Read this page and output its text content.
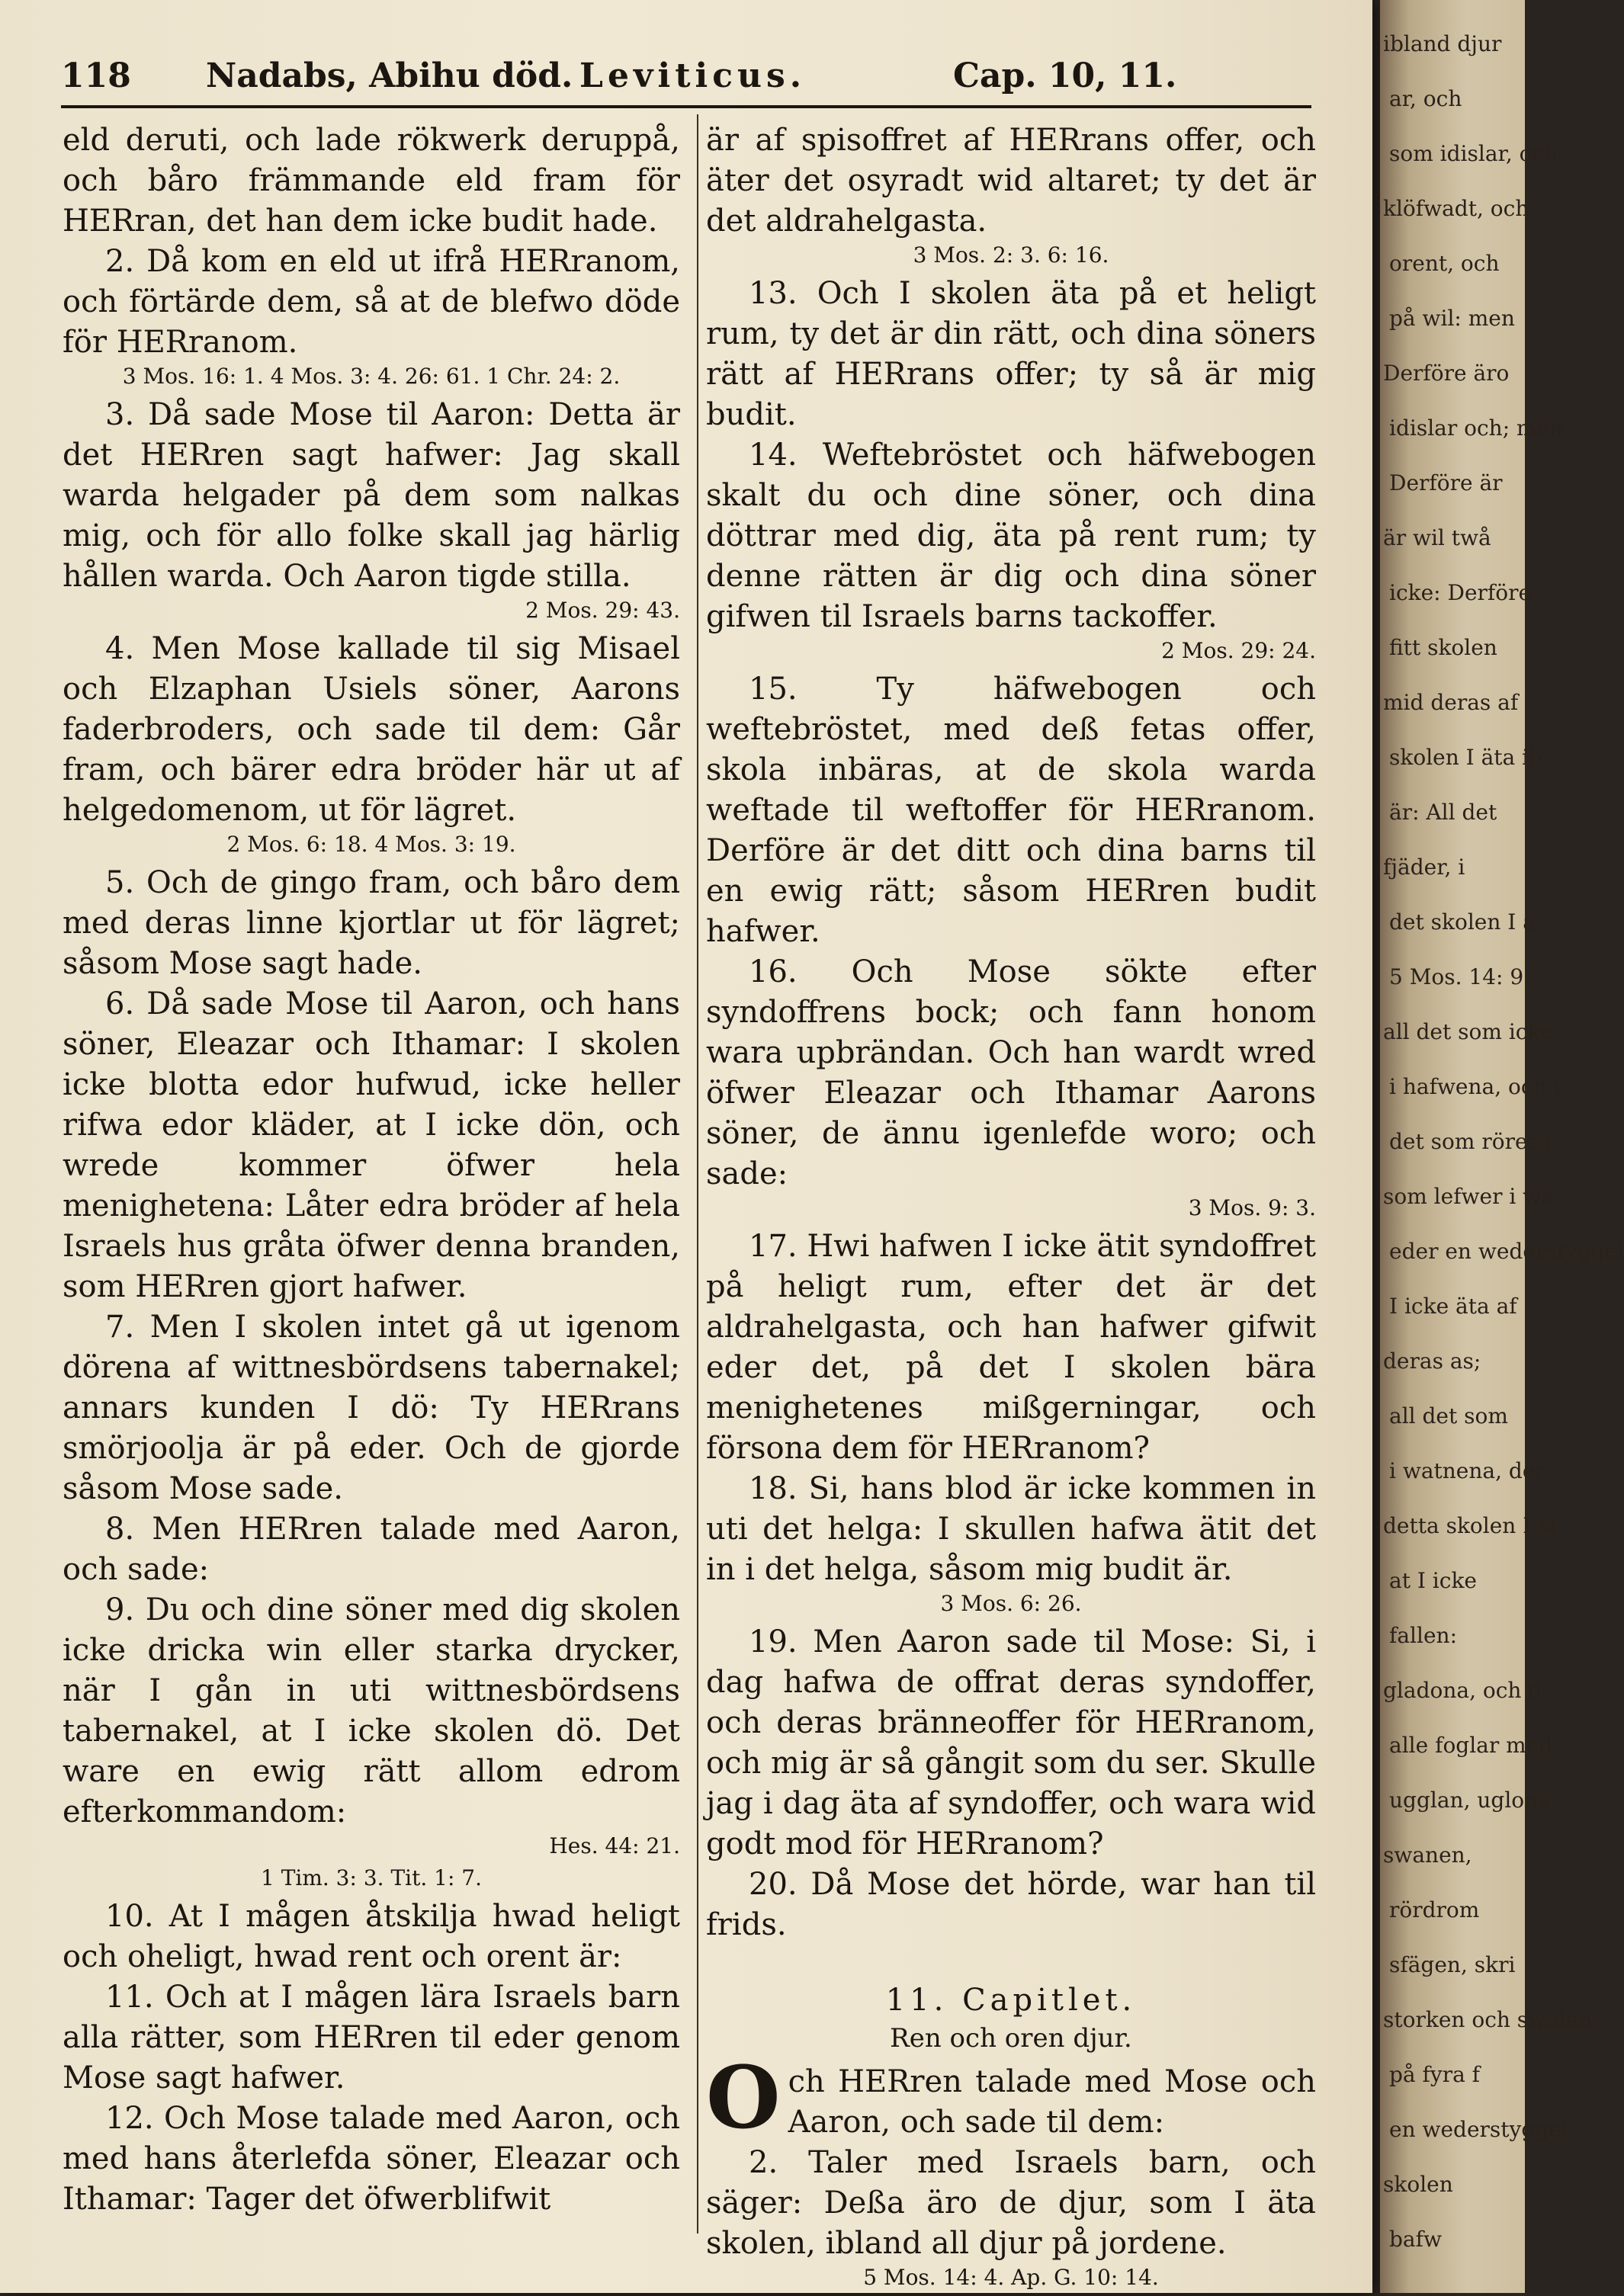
118 Nadabs, Abihu död. Leviticus.	Cap. 10, 11.

eld deruti, och lade rökwerk deruppå, och båro främmande eld fram för HERran, det han dem icke budit hade.

2. Då kom en eld ut ifrå HERranom, och förtärde dem, så at de blefwo döde för HERranom.

3 Mos. 16: 1. 4 Mos. 3: 4. 26: 61. 1 Chr. 24: 2.

3. Då sade Mose til Aaron: Detta är det HERren sagt hafwer: Jag skall warda helgader på dem som nalkas mig, och för allo folke skall jag härlig hållen warda. Och Aaron tigde stilla.

2 Mos. 29: 43.

4. Men Mose kallade til sig Misael och Elzaphan Usiels söner, Aarons faderbroders, och sade til dem: Går fram, och bärer edra bröder här ut af helgedomenom, ut för lägret.

2 Mos. 6: 18. 4 Mos. 3: 19.

5. Och de gingo fram, och båro dem med deras linne kjortlar ut för lägret; såsom Mose sagt hade.

6. Då sade Mose til Aaron, och hans söner, Eleazar och Ithamar: I skolen icke blotta edor hufwud, icke heller rifwa edor kläder, at I icke dön, och wrede kommer öfwer hela menighetena: Låter edra bröder af hela Israels hus gråta öfwer denna branden, som HERren gjort hafwer.

7. Men I skolen intet gå ut igenom dörena af wittnesbördsens tabernakel; annars kunden I dö: Ty HERrans smörjoolja är på eder. Och de gjorde såsom Mose sade.

8. Men HERren talade med Aaron, och sade:

9. Du och dine söner med dig skolen icke dricka win eller starka drycker, när I gån in uti wittnesbördsens tabernakel, at I icke skolen dö. Det ware en ewig rätt allom edrom efterkommandom:

Hes. 44: 21.

1 Tim. 3: 3. Tit. 1: 7.

10. At I mågen åtskilja hwad heligt och oheligt, hwad rent och orent är:

11. Och at I mågen lära Israels barn alla rätter, som HERren til eder genom Mose sagt hafwer.

12. Och Mose talade med Aaron, och med hans återlefda söner, Eleazar och Ithamar: Tager det öfwerblifwit

är af spisoffret af HERrans offer, och äter det osyradt wid altaret; ty det är det aldrahelgasta.

3 Mos. 2: 3. 6: 16.

13. Och I skolen äta på et heligt rum, ty det är din rätt, och dina söners rätt af HERrans offer; ty så är mig budit.

14. Weftebröstet och häfwebogen skalt du och dine söner, och dina döttrar med dig, äta på rent rum; ty denne rätten är dig och dina söner gifwen til Israels barns tackoffer.

2 Mos. 29: 24.

15. Ty häfwebogen och weftebröstet, med deß fetas offer, skola inbäras, at de skola warda weftade til weftoffer för HERranom. Derföre är det ditt och dina barns til en ewig rätt; såsom HERren budit hafwer.

16. Och Mose sökte efter syndoffrens bock; och fann honom wara upbrändan. Och han wardt wred öfwer Eleazar och Ithamar Aarons söner, de ännu igenlefde woro; och sade:

3 Mos. 9: 3.

17. Hwi hafwen I icke ätit syndoffret på heligt rum, efter det är det aldrahelgasta, och han hafwer gifwit eder det, på det I skolen bära menighetenes mißgerningar, och försona dem för HERranom?

18. Si, hans blod är icke kommen in uti det helga: I skullen hafwa ätit det in i det helga, såsom mig budit är.

3 Mos. 6: 26.

19. Men Aaron sade til Mose: Si, i dag hafwa de offrat deras syndoffer, och deras bränneoffer för HERranom, och mig är så gångit som du ser. Skulle jag i dag äta af syndoffer, och wara wid godt mod för HERranom?

20. Då Mose det hörde, war han til frids.

11. Capitlet.

Ren och oren djur.

O ch HERren talade med Mose och Aaron, och sade til dem:

2. Taler med Israels barn, och säger: Deßa äro de djur, som I äta skolen, ibland all djur på jordene.

5 Mos. 14: 4. Ap. G. 10: 14.

ibland djur
ar, och
som idislar, och
klöfwadt, och
orent, och
på wil: men
Derföre äro
idislar och; men
Derföre är
är wil twå
icke: Derföre
fitt skolen
mid deras af
skolen I äta ib
är: All det
fjäder, i
det skolen I ä
5 Mos. 14: 9.
all det som icke
i hafwena, och i
det som röres i
som lefwer i wa
eder en wederstyggel
I icke äta af
deras as;
all det som
i watnena, der
detta skolen I st
at I icke
fallen:
gladona, och d
alle foglar med
ugglan, uglona,
swanen,
rördrom
sfägen, skri
storken och swalan
på fyra f
en wederstyggel
skolen
bafw
